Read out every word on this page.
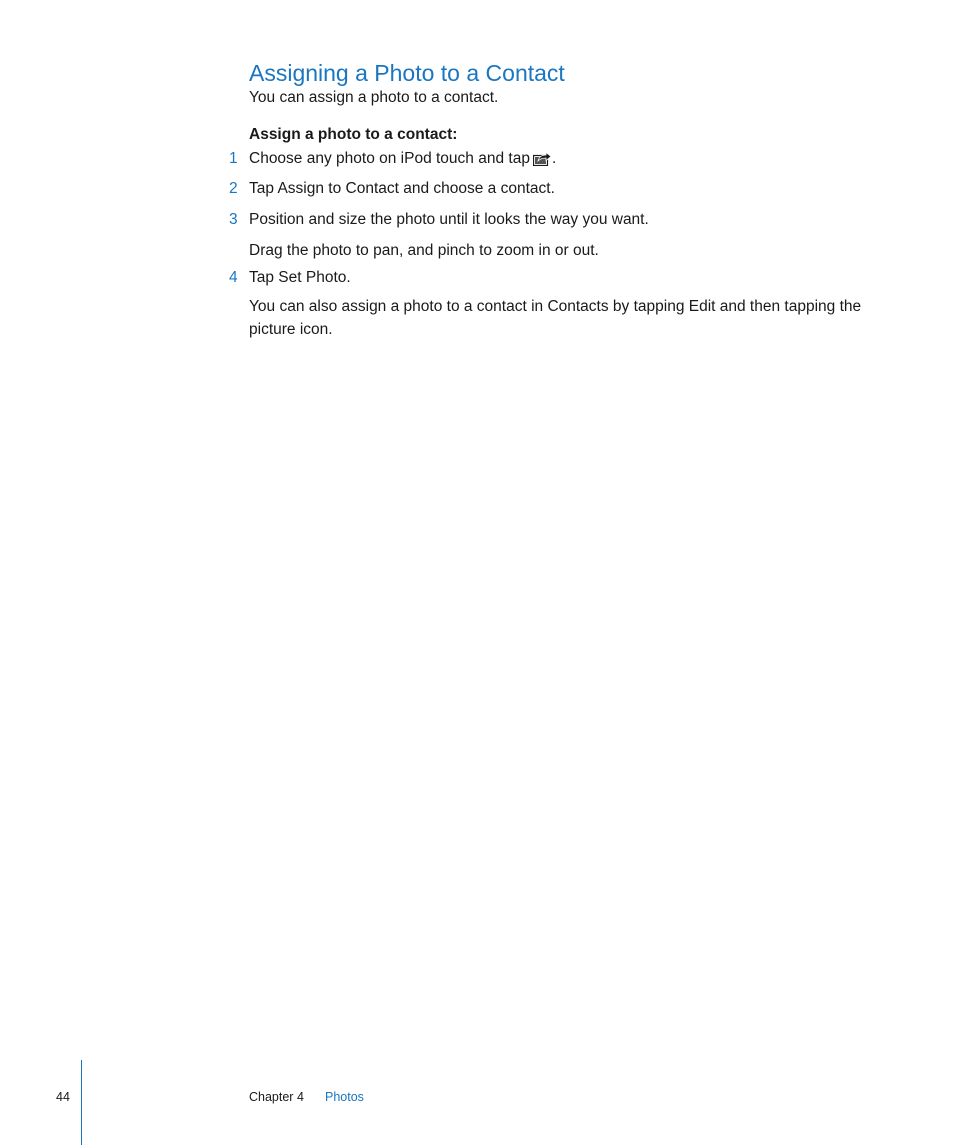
Assigning a Photo to a Contact

You can assign a photo to a contact.

Assign a photo to a contact:

1 Choose any photo on iPod touch and tap .
2 Tap Assign to Contact and choose a contact.
3 Position and size the photo until it looks the way you want.

Drag the photo to pan, and pinch to zoom in or out.

4 Tap Set Photo.

You can also assign a photo to a contact in Contacts by tapping Edit and then tapping the picture icon.

44	Chapter 4 Photos
